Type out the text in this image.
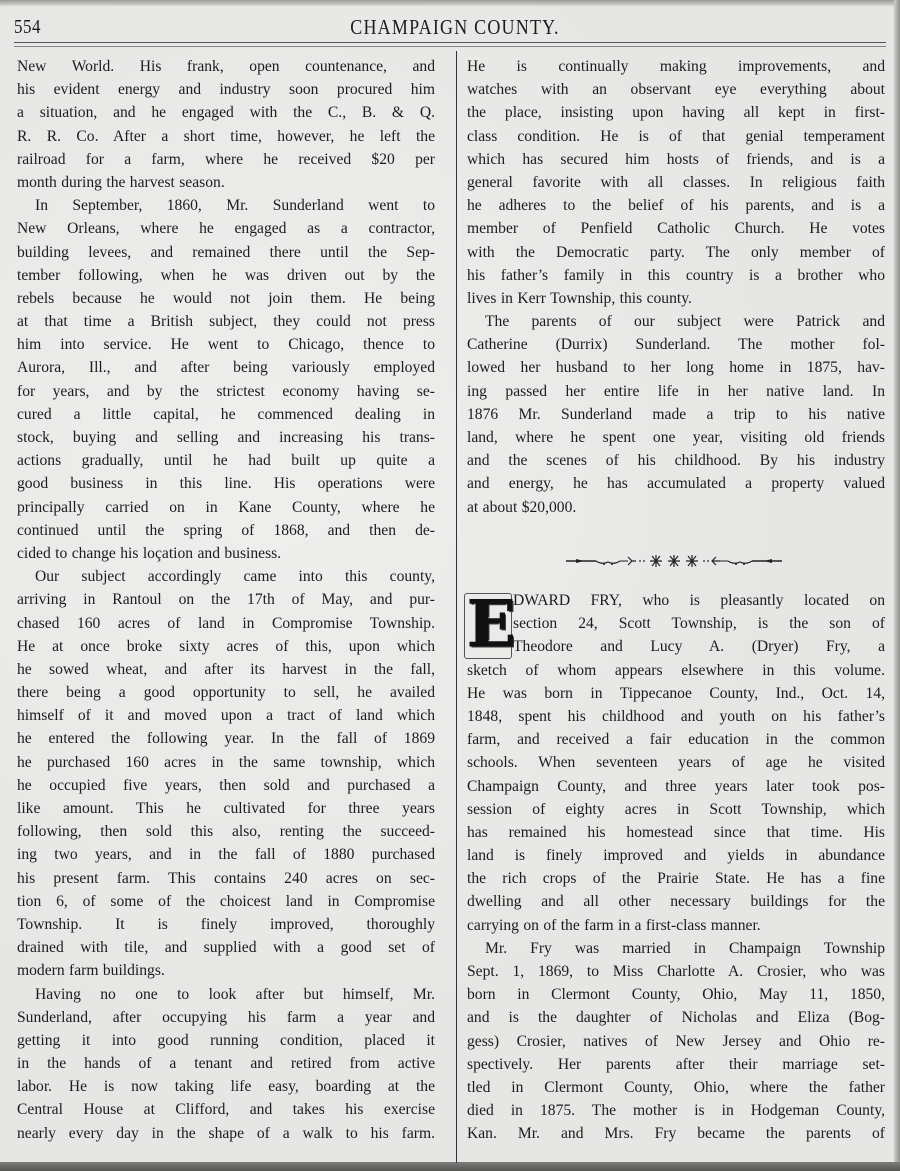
554	CHAMPAIGN COUNTY.
New World. His frank, open countenance, and
his evident energy and industry soon procured him
a situation, and he engaged with the C., B. & Q.
R. R. Co. After a short time, however, he left the
railroad for a farm, where he received $20 per
month during the harvest season.
In September, 1860, Mr. Sunderland went to
New Orleans, where he engaged as a contractor,
building levees, and remained there until the Sep-
tember following, when he was driven out by the
rebels because he would not join them. He being
at that time a British subject, they could not press
him into service. He went to Chicago, thence to
Aurora, Ill., and after being variously employed
for years, and by the strictest economy having se-
cured a little capital, he commenced dealing in
stock, buying and selling and increasing his trans-
actions gradually, until he had built up quite a
good business in this line. His operations were
principally carried on in Kane County, where he
continued until the spring of 1868, and then de-
cided to change his loçation and business.
Our subject accordingly came into this county,
arriving in Rantoul on the 17th of May, and pur-
chased 160 acres of land in Compromise Township.
He at once broke sixty acres of this, upon which
he sowed wheat, and after its harvest in the fall,
there being a good opportunity to sell, he availed
himself of it and moved upon a tract of land which
he entered the following year. In the fall of 1869
he purchased 160 acres in the same township, which
he occupied five years, then sold and purchased a
like amount. This he cultivated for three years
following, then sold this also, renting the succeed-
ing two years, and in the fall of 1880 purchased
his present farm. This contains 240 acres on sec-
tion 6, of some of the choicest land in Compromise
Township. It is finely improved, thoroughly
drained with tile, and supplied with a good set of
modern farm buildings.
Having no one to look after but himself, Mr.
Sunderland, after occupying his farm a year and
getting it into good running condition, placed it
in the hands of a tenant and retired from active
labor. He is now taking life easy, boarding at the
Central House at Clifford, and takes his exercise
nearly every day in the shape of a walk to his farm.
He is continually making improvements, and
watches with an observant eye everything about
the place, insisting upon having all kept in first-
class condition. He is of that genial temperament
which has secured him hosts of friends, and is a
general favorite with all classes. In religious faith
he adheres to the belief of his parents, and is a
member of Penfield Catholic Church. He votes
with the Democratic party. The only member of
his father’s family in this country is a brother who
lives in Kerr Township, this county.
The parents of our subject were Patrick and
Catherine (Durrix) Sunderland. The mother fol-
lowed her husband to her long home in 1875, hav-
ing passed her entire life in her native land. In
1876 Mr. Sunderland made a trip to his native
land, where he spent one year, visiting old friends
and the scenes of his childhood. By his industry
and energy, he has accumulated a property valued
at about $20,000.
E
DWARD FRY, who is pleasantly located on
section 24, Scott Township, is the son of
Theodore and Lucy A. (Dryer) Fry, a
sketch of whom appears elsewhere in this volume.
He was born in Tippecanoe County, Ind., Oct. 14,
1848, spent his childhood and youth on his father’s
farm, and received a fair education in the common
schools. When seventeen years of age he visited
Champaign County, and three years later took pos-
session of eighty acres in Scott Township, which
has remained his homestead since that time. His
land is finely improved and yields in abundance
the rich crops of the Prairie State. He has a fine
dwelling and all other necessary buildings for the
carrying on of the farm in a first-class manner.
Mr. Fry was married in Champaign Township
Sept. 1, 1869, to Miss Charlotte A. Crosier, who was
born in Clermont County, Ohio, May 11, 1850,
and is the daughter of Nicholas and Eliza (Bog-
gess) Crosier, natives of New Jersey and Ohio re-
spectively. Her parents after their marriage set-
tled in Clermont County, Ohio, where the father
died in 1875. The mother is in Hodgeman County,
Kan. Mr. and Mrs. Fry became the parents of
